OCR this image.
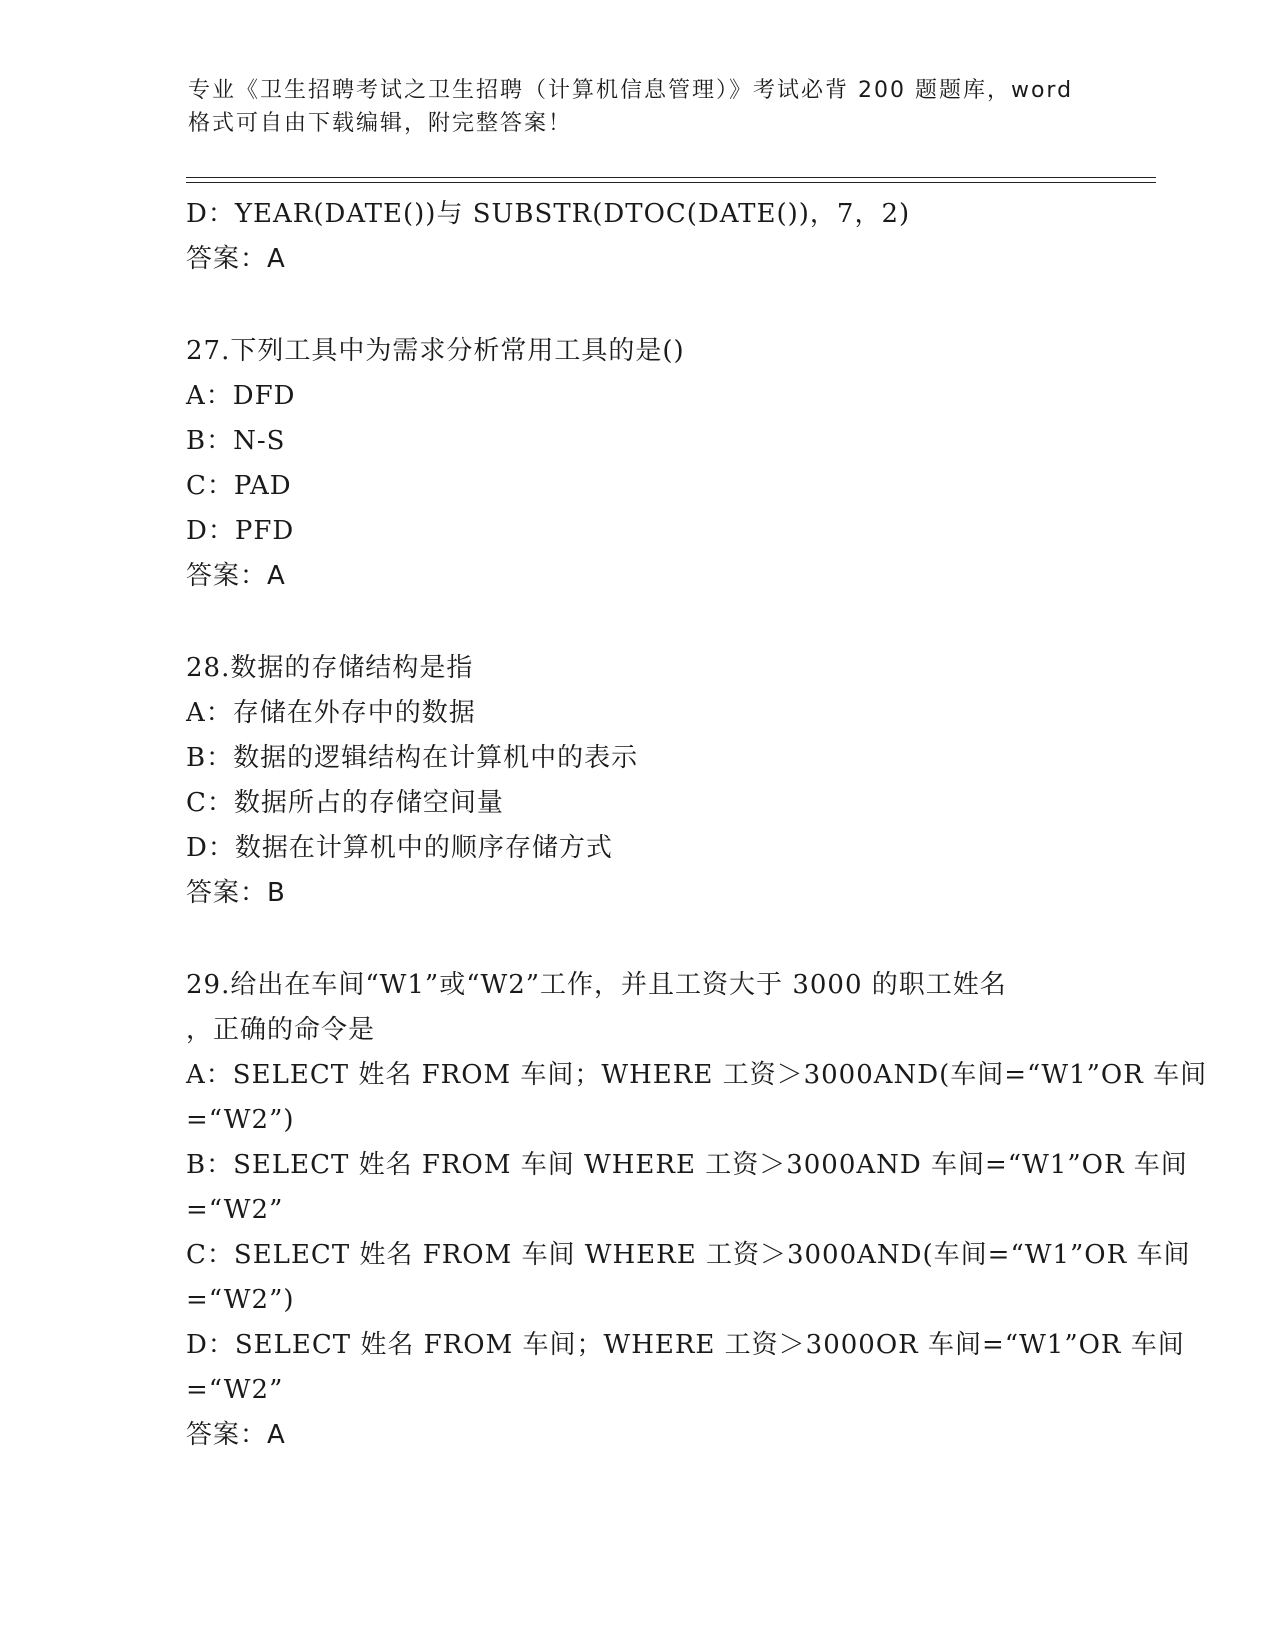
专业《卫生招聘考试之卫生招聘（计算机信息管理）》考试必背 200 题题库，word
格式可自由下载编辑，附完整答案！
D：YEAR(DATE())与 SUBSTR(DTOC(DATE())，7，2)
答案：A
27.下列工具中为需求分析常用工具的是()
A：DFD
B：N-S
C：PAD
D：PFD
答案：A
28.数据的存储结构是指
A：存储在外存中的数据
B：数据的逻辑结构在计算机中的表示
C：数据所占的存储空间量
D：数据在计算机中的顺序存储方式
答案：B
29.给出在车间“W1”或“W2”工作，并且工资大于 3000 的职工姓名
，正确的命令是
A：SELECT 姓名 FROM 车间；WHERE 工资＞3000AND(车间=“W1”OR 车间
=“W2”)
B：SELECT 姓名 FROM 车间 WHERE 工资＞3000AND 车间=“W1”OR 车间
=“W2”
C：SELECT 姓名 FROM 车间 WHERE 工资＞3000AND(车间=“W1”OR 车间
=“W2”)
D：SELECT 姓名 FROM 车间；WHERE 工资＞3000OR 车间=“W1”OR 车间
=“W2”
答案：A
